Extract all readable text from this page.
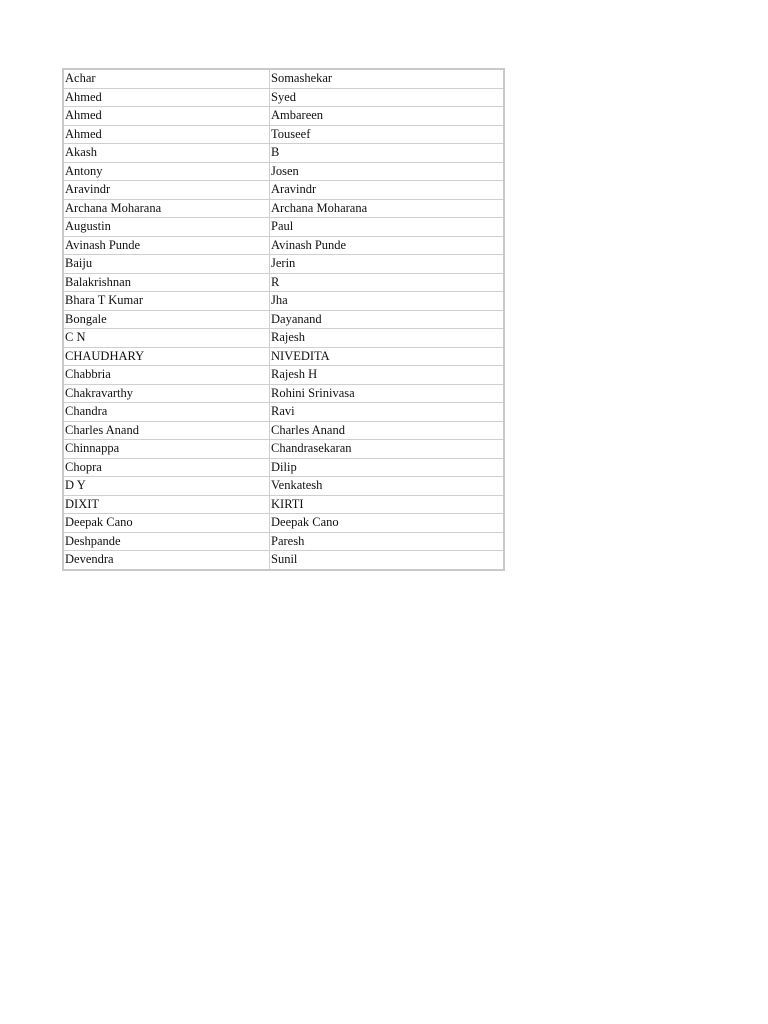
Achar	Somashekar
Ahmed	Syed
Ahmed	Ambareen
Ahmed	Touseef
Akash	B
Antony	Josen
Aravindr	Aravindr
Archana Moharana	Archana Moharana
Augustin	Paul
Avinash Punde	Avinash Punde
Baiju	Jerin
Balakrishnan	R
Bhara T Kumar	Jha
Bongale	Dayanand
C N	Rajesh
CHAUDHARY	NIVEDITA
Chabbria	Rajesh H
Chakravarthy	Rohini Srinivasa
Chandra	Ravi
Charles Anand	Charles Anand
Chinnappa	Chandrasekaran
Chopra	Dilip
D Y	Venkatesh
DIXIT	KIRTI
Deepak Cano	Deepak Cano
Deshpande	Paresh
Devendra	Sunil
